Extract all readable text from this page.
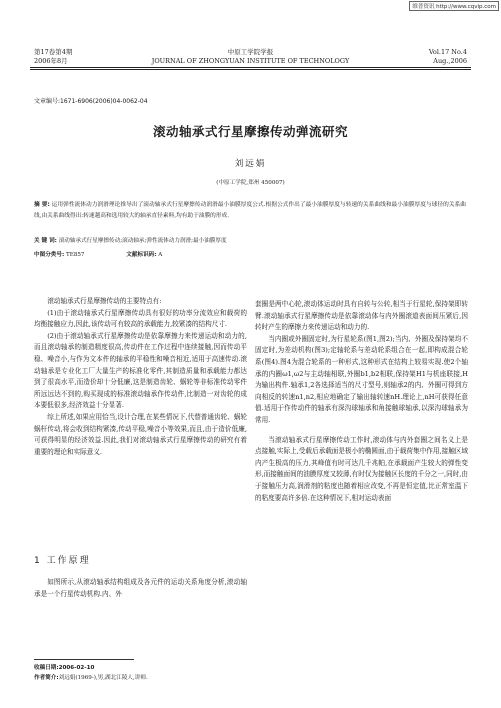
维普资讯 http://www.cqvip.com
第17卷第4期
2006年8月
中原工学院学报
JOURNAL OF ZHONGYUAN INSTITUTE OF TECHNOLOGY
Vol.17 No.4
Aug.,2006
文章编号:1671-6906(2006)04-0062-04
滚动轴承式行星摩擦传动弹流研究
刘远娟
(中原工学院,郑州 450007)
摘 要: 运用弹性流体动力润滑理论推导出了滚动轴承式行星摩擦传动润滑最小油膜厚度公式.根据公式作出了最小油膜厚度与转速的关系曲线和最小油膜厚度与球径的关系曲线,由关系曲线得出:转速越高和选用较大的轴承直径素料,均有助于油膜的形成.
关 键 词: 滚动轴承式行星摩擦传动;滚动轴承;弹性流体动力润滑;最小油膜厚度
中图分类号: TE857	文献标识码: A

滚动轴承式行星摩擦传动的主要特点有:

(1)由于滚动轴承式行星摩擦传动具有很好的功率分流效应和载荷的均衡接触应力,因此,该传动可有较高的承载能力,较紧凑的结构尺寸.

(2)由于滚动轴承式行星摩擦传动是依靠摩擦力来传递运动和动力的,而且滚动轴承的制造精度很高,传动件在工作过程中连续接触,因而传动平稳、噪音小,与作为文本件的轴承的平稳性和噪音相近,适用于高速传动.滚动轴承是专业化工厂大量生产的标准化零件,其制造质量和承载能力都达到了很高水平,而造价却十分低廉,这是制造齿轮、蜗轮等非标准传动零件所远远达不到的,购买现成的标准滚动轴承作传动件,比制造一对齿轮的成本要低很多,经济效益十分显著.

综上所述,如果应用恰当,设计合理,在某些情况下,代替普通齿轮、蜗轮蜗杆传动,将会收到结构紧凑,传动平稳,噪音小等效果,而且,由于造价低廉,可获得明显的经济效益.因此,我们对滚动轴承式行星摩擦传动的研究有着重要的理论和实际意义.

1 工作原理

如图所示,从滚动轴承结构组成及各元件的运动关系角度分析,滚动轴承是一个行星传动机构.内、外

套圈是两中心轮,滚动体运动时具有自转与公转,相当于行星轮,保持架即转臂.滚动轴承式行星摩擦传动是依靠滚动体与内外圈滚道表面间压紧后,因转时产生的摩擦力来传递运动和动力的.

当内圈或外圈固定时,为行星轮系(图1,图2);当内、外圈及保持架均不固定时,为差动机构(图3);定轴轮系与差动轮系组合在一起,即构成混合轮系(图4).图4为混合轮系的一种形式,这种形式在结构上较易实现.使2个轴承的内圈ω1,ω2与主动轴相联,外圈b1,b2相联,保持架H1与机座联接,H为输出构件.轴承1,2各选择适当的尺寸型号,则轴承2的内、外圈可得到方向相反的转速n1,n2,相应地确定了输出轴转速nH.理论上,nH可获得任意值.适用于作传动件的轴承有深沟球轴承和角接触球轴承,以深沟球轴承为常用.

当滚动轴承式行星摩擦传动工作时,滚动体与内外套圈之间名义上是点接触,实际上,受载后承载面是极小的椭圆面,由于载荷集中作用,接触区域内产生极高的压力,其峰值有时可达几千兆帕,在承载面产生较大的弹性变形,而接触面间的油膜厚度又较薄,有时仅为接触区长度的千分之一,同时,由于接触压力高,润滑剂的粘度也随着相应改变,不再是恒定值,比正常室温下的粘度要高许多倍.在这种情况下,相对运动表面

收稿日期:2006-02-10
作者简介:刘远娟(1969-),男,湖北江陵人,讲师.
